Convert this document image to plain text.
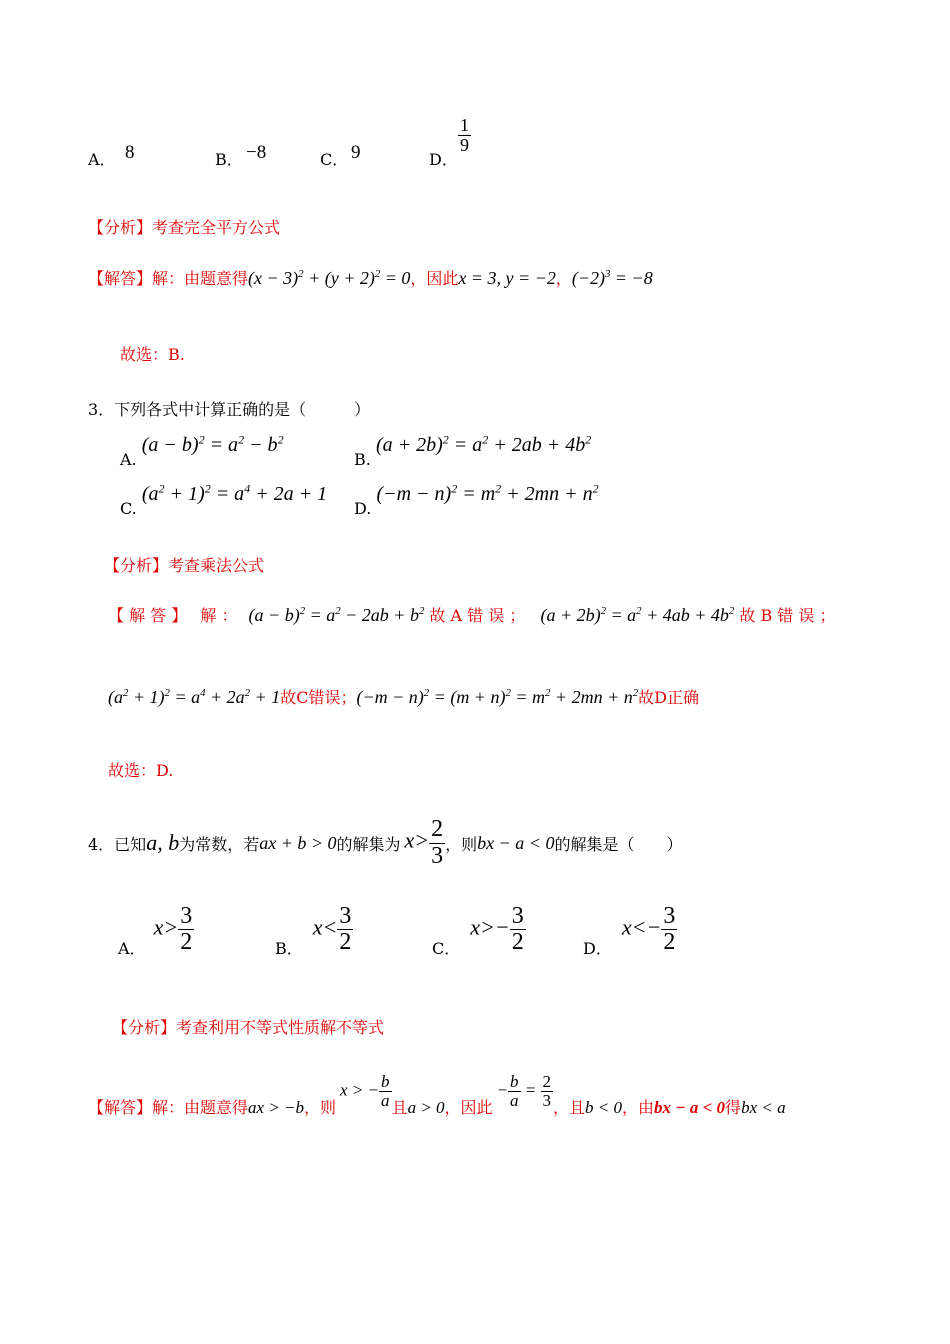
A． 8	B． −8	C． 9	D．
$\frac{1}{9}$
【分析】考查完全平方公式
【解答】解：由题意得$(x - 3)^2 + (y + 2)^2 = 0$，因此x = 3, y = −2，$(-2)^3 = -8$
故选：B.
3．下列各式中计算正确的是（　　　）
A. $(a - b)^2 = a^2 - b^2$
B. $(a + 2b)^2 = a^2 + 2ab + 4b^2$
C. $(a^2 + 1)^2 = a^4 + 2a + 1$
D. $(-m - n)^2 = m^2 + 2mn + n^2$
【分析】考查乘法公式
【 解 答 】 解 ： $(a - b)^2 = a^2 - 2ab + b^2$ 故 A 错 误 ； $(a + 2b)^2 = a^2 + 4ab + 4b^2$ 故 B 错 误 ；
$(a^2 + 1)^2 = a^4 + 2a^2 + 1$故C错误；$(-m - n)^2 = (m + n)^2 = m^2 + 2mn + n^2$故D正确
故选：D.
4．已知 a, b 为常数，若 ax + b > 0 的解集为 $x> \frac{2}{3}$ ，则 bx − a < 0 的解集是（　　）
A．
$x> \frac{3}{2}$	B．
$x< \frac{3}{2}$	C．
$x>- \frac{3}{2}$	D．
$x<- \frac{3}{2}$
【分析】考查利用不等式性质解不等式
【解答】 解：由题意得 ax > −b ，则
x > − $\frac{b}{a}$ 且 a > 0 ，因此
− $\frac{b}{a} = \frac{2}{3}$ ，且 b < 0 ，由 bx − a < 0 得 bx < a
